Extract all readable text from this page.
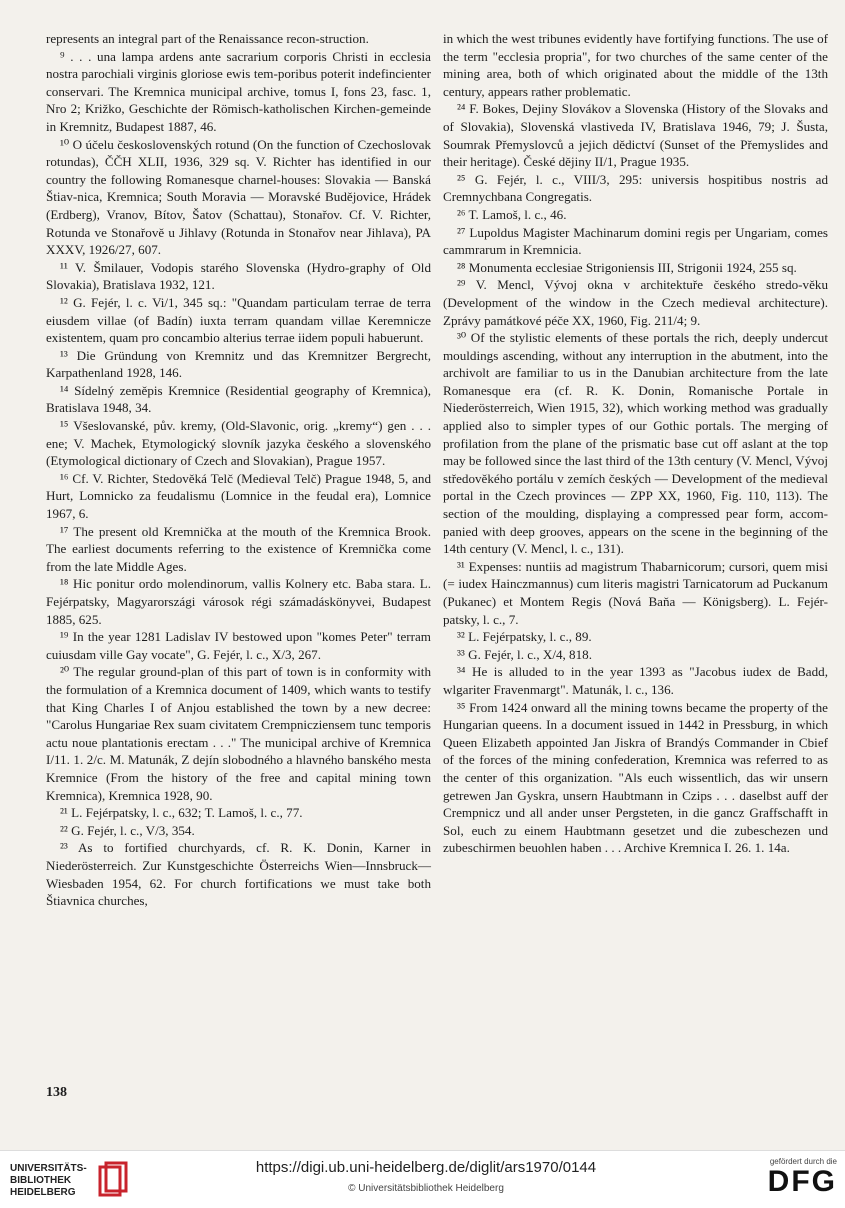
represents an integral part of the Renaissance recon-struction.

⁹ . . . una lampa ardens ante sacrarium corporis Christi in ecclesia nostra parochiali virginis gloriose ewis tem-poribus poterit indefincienter conservari. The Kremnica municipal archive, tomus I, fons 23, fasc. 1, Nro 2; Križko, Geschichte der Römisch-katholischen Kirchen-gemeinde in Kremnitz, Budapest 1887, 46.

¹⁰ O účelu československých rotund (On the function of Czechoslovak rotundas), ČČH XLII, 1936, 329 sq. V. Richter has identified in our country the following Romanesque charnel-houses: Slovakia — Banská Štiav-nica, Kremnica; South Moravia — Moravské Budějovice, Hrádek (Erdberg), Vranov, Bítov, Šatov (Schattau), Stonařov. Cf. V. Richter, Rotunda ve Stonařově u Jihlavy (Rotunda in Stonařov near Jihlava), PA XXXV, 1926/27, 607.

¹¹ V. Šmilauer, Vodopis starého Slovenska (Hydro-graphy of Old Slovakia), Bratislava 1932, 121.

¹² G. Fejér, l. c. Vi/1, 345 sq.: "Quandam particulam terrae de terra eiusdem villae (of Badín) iuxta terram quandam villae Keremnicze existentem, quam pro concambio alterius terrae iidem populi habuerunt.

¹³ Die Gründung von Kremnitz und das Kremnitzer Bergrecht, Karpathenland 1928, 146.

¹⁴ Sídelný zeměpis Kremnice (Residential geography of Kremnica), Bratislava 1948, 34.

¹⁵ Všeslovanské, pův. kremy, (Old-Slavonic, orig. „kremy“) gen . . . ene; V. Machek, Etymologický slovník jazyka českého a slovenského (Etymological dictionary of Czech and Slovakian), Prague 1957.

¹⁶ Cf. V. Richter, Stedověká Telč (Medieval Telč) Prague 1948, 5, and Hurt, Lomnicko za feudalismu (Lomnice in the feudal era), Lomnice 1967, 6.

¹⁷ The present old Kremnička at the mouth of the Kremnica Brook. The earliest documents referring to the existence of Kremnička come from the late Middle Ages.

¹⁸ Hic ponitur ordo molendinorum, vallis Kolnery etc. Baba stara. L. Fejérpatsky, Magyarországi városok régi számadáskönyvei, Budapest 1885, 625.

¹⁹ In the year 1281 Ladislav IV bestowed upon "komes Peter" terram cuiusdam ville Gay vocate", G. Fejér, l. c., X/3, 267.

²⁰ The regular ground-plan of this part of town is in conformity with the formulation of a Kremnica document of 1409, which wants to testify that King Charles I of Anjou established the town by a new decree: "Carolus Hungariae Rex suam civitatem Crempnicziensem tunc temporis actu noue plantationis erectam . . ." The municipal archive of Kremnica I/11. 1. 2/c. M. Matunák, Z dejín slobodného a hlavného banského mesta Kremnice (From the history of the free and capital mining town Kremnica), Kremnica 1928, 90.

²¹ L. Fejérpatsky, l. c., 632; T. Lamoš, l. c., 77.

²² G. Fejér, l. c., V/3, 354.

²³ As to fortified churchyards, cf. R. K. Donin, Karner in Niederösterreich. Zur Kunstgeschichte Österreichs Wien—Innsbruck—Wiesbaden 1954, 62. For church fortifications we must take both Štiavnica churches,

in which the west tribunes evidently have fortifying functions. The use of the term "ecclesia propria", for two churches of the same center of the mining area, both of which originated about the middle of the 13th century, appears rather problematic.

²⁴ F. Bokes, Dejiny Slovákov a Slovenska (History of the Slovaks and of Slovakia), Slovenská vlastiveda IV, Bratislava 1946, 79; J. Šusta, Soumrak Přemyslovců a jejich dědictví (Sunset of the Přemyslides and their heritage). České dějiny II/1, Prague 1935.

²⁵ G. Fejér, l. c., VIII/3, 295: universis hospitibus nostris ad Cremnychbana Congregatis.

²⁶ T. Lamoš, l. c., 46.

²⁷ Lupoldus Magister Machinarum domini regis per Ungariam, comes cammrarum in Kremnicia.

²⁸ Monumenta ecclesiae Strigoniensis III, Strigonii 1924, 255 sq.

²⁹ V. Mencl, Vývoj okna v architektuře českého stredo-věku (Development of the window in the Czech medieval architecture). Zprávy památkové péče XX, 1960, Fig. 211/4; 9.

³⁰ Of the stylistic elements of these portals the rich, deeply undercut mouldings ascending, without any interruption in the abutment, into the archivolt are familiar to us in the Danubian architecture from the late Romanesque era (cf. R. K. Donin, Romanische Portale in Niederösterreich, Wien 1915, 32), which working method was gradually applied also to simpler types of our Gothic portals. The merging of profilation from the plane of the prismatic base cut off aslant at the top may be followed since the last third of the 13th century (V. Mencl, Vývoj středověkého portálu v zemích českých — Development of the medieval portal in the Czech provinces — ZPP XX, 1960, Fig. 110, 113). The section of the moulding, displaying a compressed pear form, accom-panied with deep grooves, appears on the scene in the beginning of the 14th century (V. Mencl, l. c., 131).

³¹ Expenses: nuntiis ad magistrum Thabarnicorum; cursori, quem misi (= iudex Hainczmannus) cum literis magistri Tarnicatorum ad Puckanum (Pukanec) et Montem Regis (Nová Baňa — Königsberg). L. Fejér-patsky, l. c., 7.

³² L. Fejérpatsky, l. c., 89.

³³ G. Fejér, l. c., X/4, 818.

³⁴ He is alluded to in the year 1393 as "Jacobus iudex de Badd, wlgariter Fravenmargt". Matunák, l. c., 136.

³⁵ From 1424 onward all the mining towns became the property of the Hungarian queens. In a document issued in 1442 in Pressburg, in which Queen Elizabeth appointed Jan Jiskra of Brandýs Commander in Cbief of the forces of the mining confederation, Kremnica was referred to as the center of this organization. "Als euch wissentlich, das wir unsern getrewen Jan Gyskra, unsern Haubtmann in Czips . . . daselbst auff der Crempnicz und all ander unser Pergsteten, in die gancz Graffschafft in Sol, euch zu einem Haubtmann gesetzet und die zubeschezen und zubeschirmen beuohlen haben . . . Archive Kremnica I. 26. 1. 14a.

138
UNIVERSITÄTS-
BIBLIOTHEK
HEIDELBERG
https://digi.ub.uni-heidelberg.de/diglit/ars1970/0144
© Universitätsbibliothek Heidelberg
gefördert durch die
DFG
